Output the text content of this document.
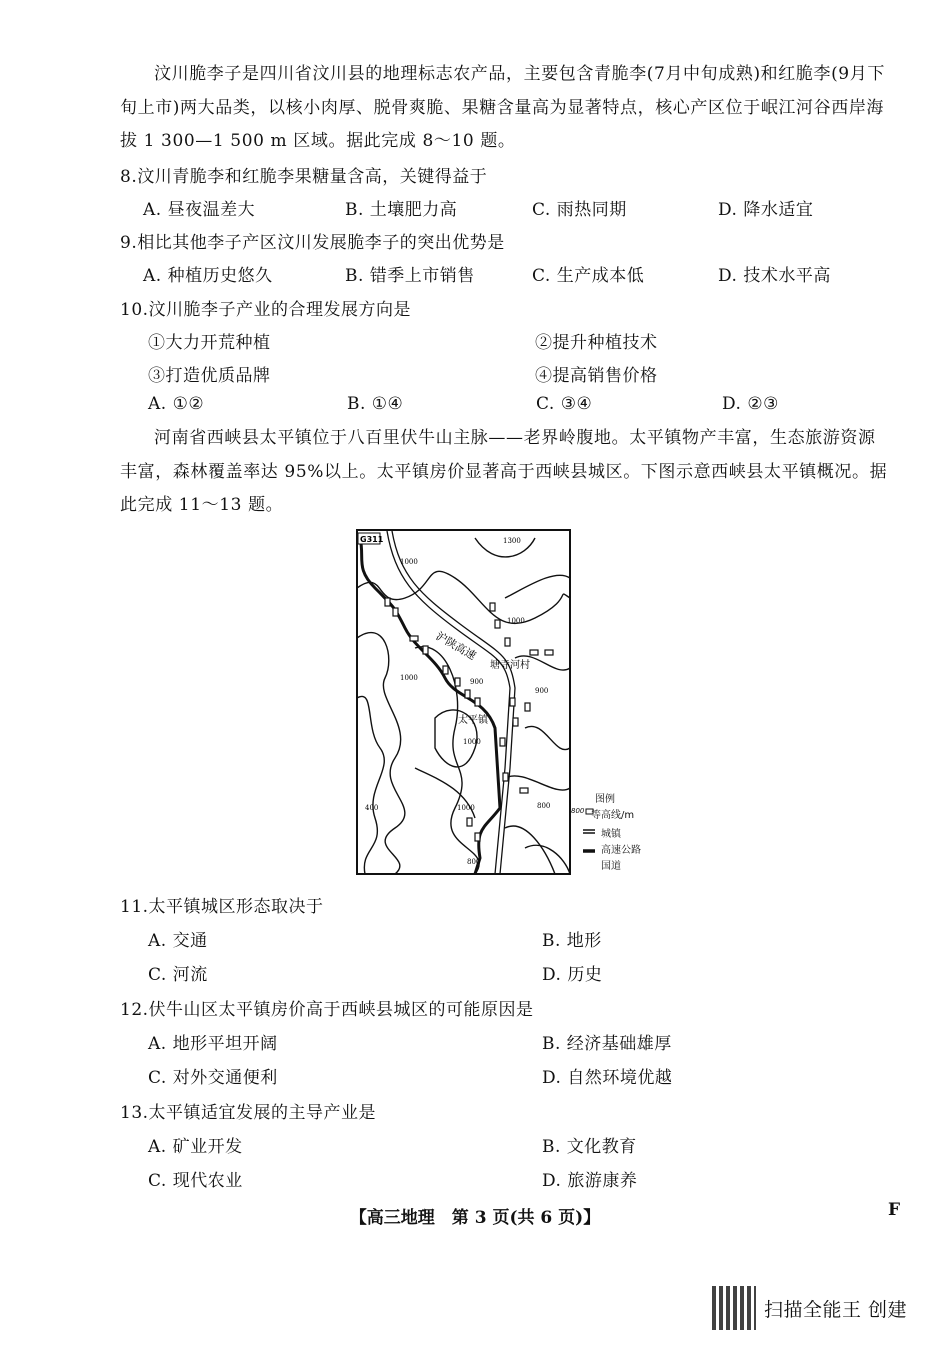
汶川脆李子是四川省汶川县的地理标志农产品，主要包含青脆李(7月中旬成熟)和红脆李(9月下旬上市)两大品类，以核小肉厚、脱骨爽脆、果糖含量高为显著特点，核心产区位于岷江河谷西岸海拔 1 300—1 500 m 区域。据此完成 8～10 题。
8.汶川青脆李和红脆李果糖量含高，关键得益于
A. 昼夜温差大	B. 土壤肥力高	C. 雨热同期	D. 降水适宜
9.相比其他李子产区汶川发展脆李子的突出优势是
A. 种植历史悠久	B. 错季上市销售	C. 生产成本低	D. 技术水平高
10.汶川脆李子产业的合理发展方向是
①大力开荒种植	②提升种植技术
③打造优质品牌	④提高销售价格
A. ①②	B. ①④	C. ③④	D. ②③
河南省西峡县太平镇位于八百里伏牛山主脉——老界岭腹地。太平镇物产丰富，生态旅游资源丰富，森林覆盖率达 95%以上。太平镇房价显著高于西峡县城区。下图示意西峡县太平镇概况。据此完成 11～13 题。
G311
沪陕高速
塘寺河村
太平镇
1300
1000
1000
1000
1000
1000
900
900
800
800
400
图例
800 等高线/m
城镇
高速公路
国道
11.太平镇城区形态取决于
A. 交通	B. 地形
C. 河流	D. 历史
12.伏牛山区太平镇房价高于西峡县城区的可能原因是
A. 地形平坦开阔	B. 经济基础雄厚
C. 对外交通便利	D. 自然环境优越
13.太平镇适宜发展的主导产业是
A. 矿业开发	B. 文化教育
C. 现代农业	D. 旅游康养
【高三地理　第 3 页(共 6 页)】	F
扫描全能王 创建
